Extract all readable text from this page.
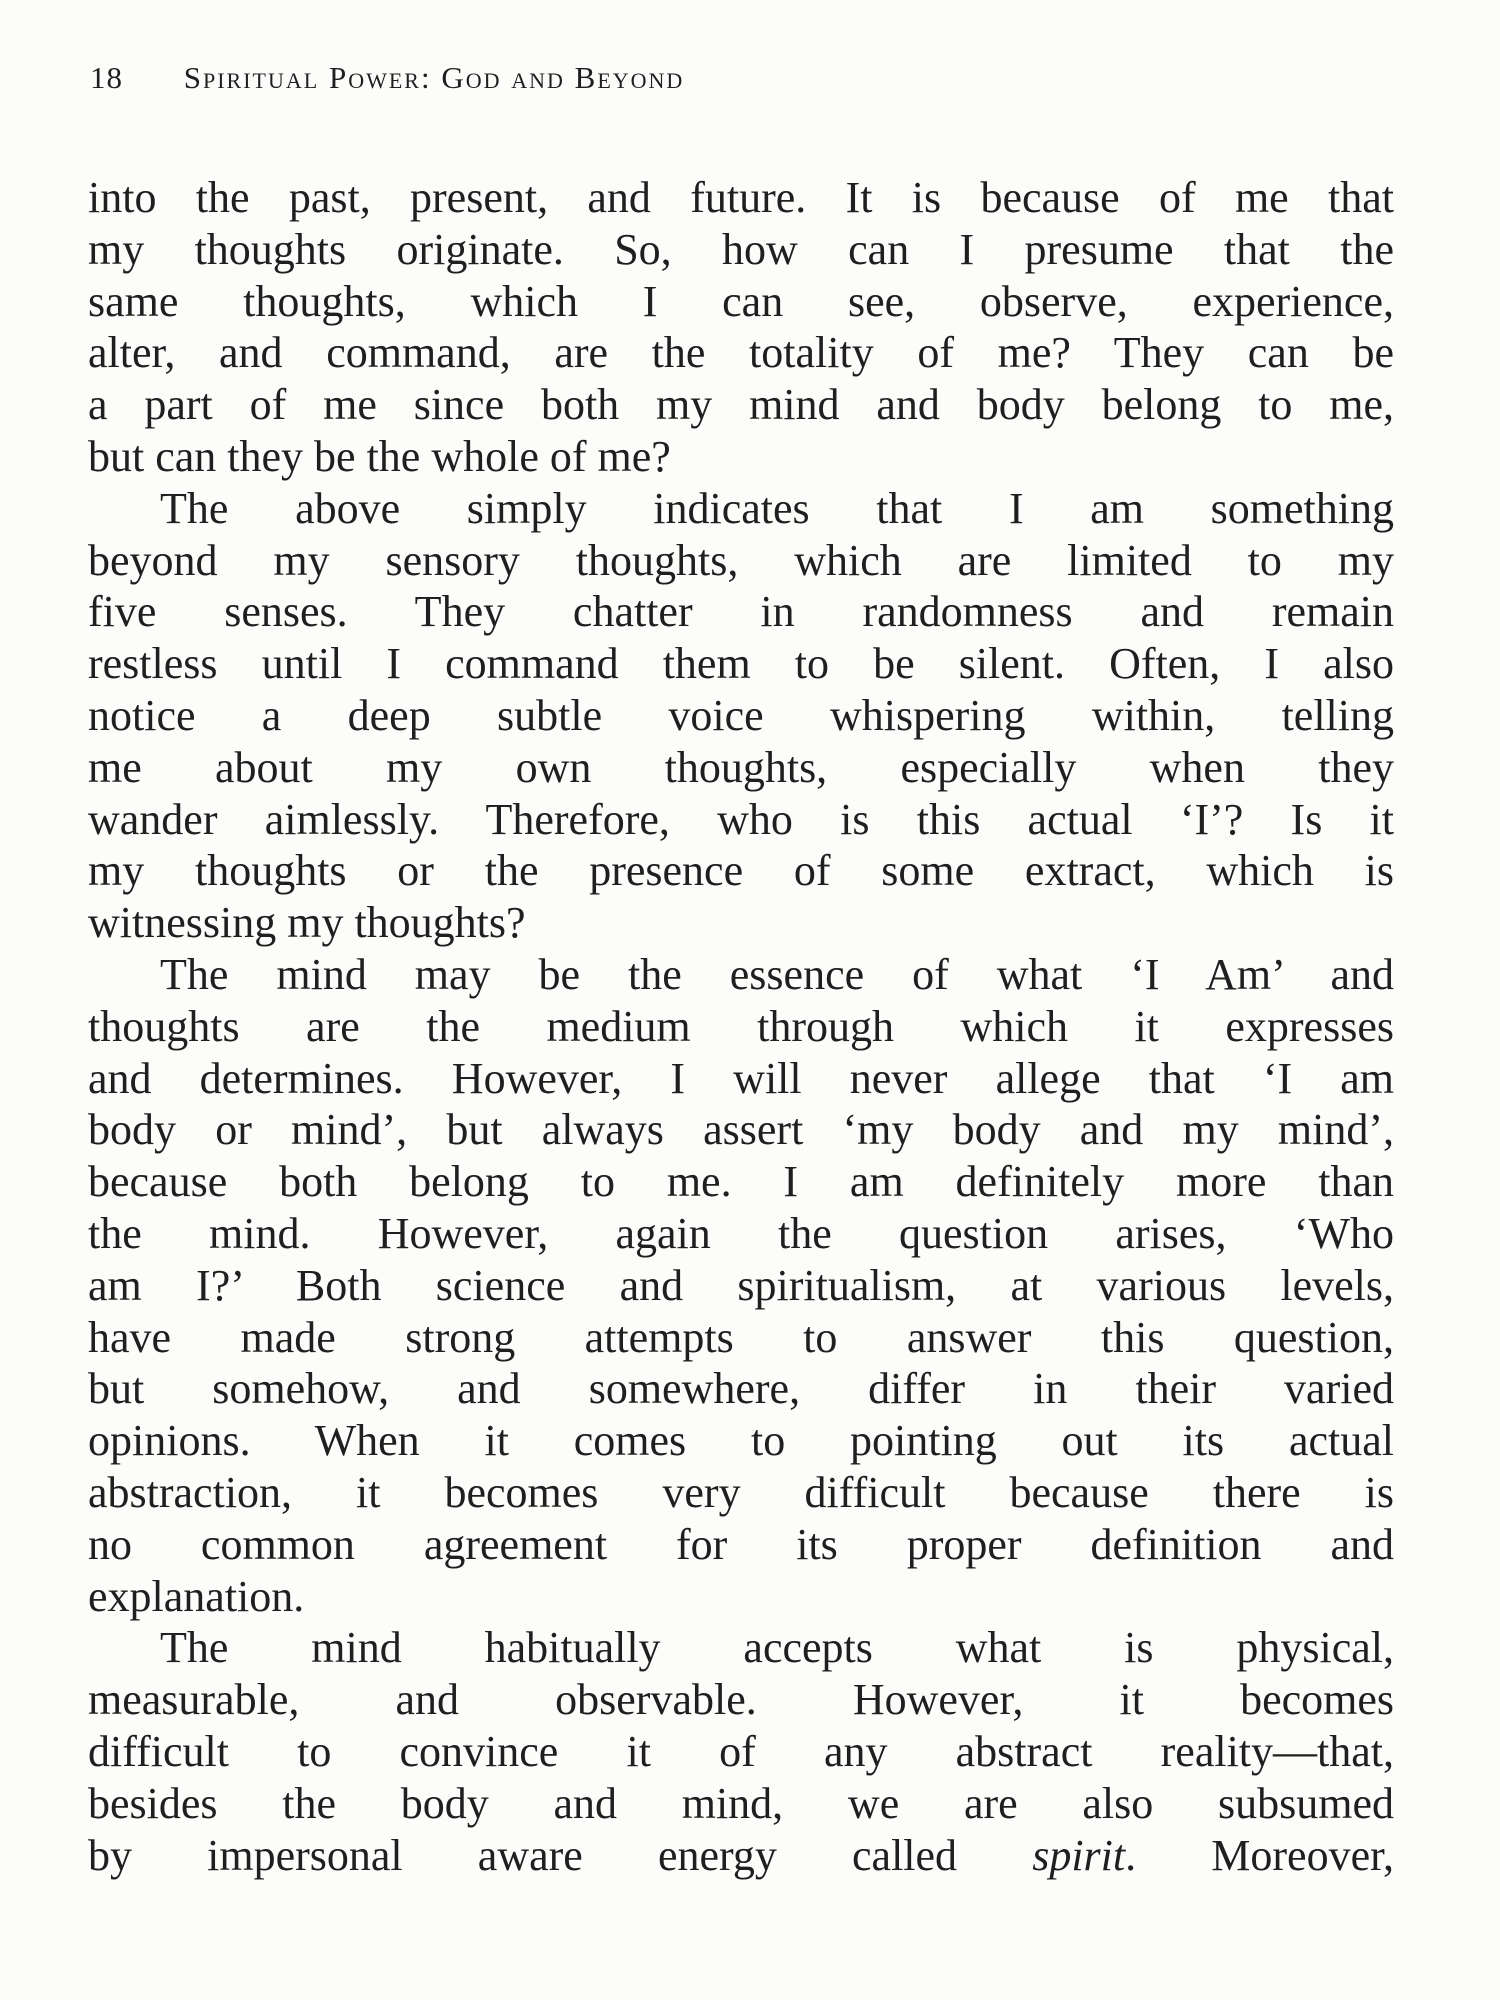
18 Spiritual Power: God and Beyond
into the past, present, and future. It is because of me that
my thoughts originate. So, how can I presume that the
same thoughts, which I can see, observe, experience,
alter, and command, are the totality of me? They can be
a part of me since both my mind and body belong to me,
but can they be the whole of me?
The above simply indicates that I am something
beyond my sensory thoughts, which are limited to my
five senses. They chatter in randomness and remain
restless until I command them to be silent. Often, I also
notice a deep subtle voice whispering within, telling
me about my own thoughts, especially when they
wander aimlessly. Therefore, who is this actual ‘I’? Is it
my thoughts or the presence of some extract, which is
witnessing my thoughts?
The mind may be the essence of what ‘I Am’ and
thoughts are the medium through which it expresses
and determines. However, I will never allege that ‘I am
body or mind’, but always assert ‘my body and my mind’,
because both belong to me. I am definitely more than
the mind. However, again the question arises, ‘Who
am I?’ Both science and spiritualism, at various levels,
have made strong attempts to answer this question,
but somehow, and somewhere, differ in their varied
opinions. When it comes to pointing out its actual
abstraction, it becomes very difficult because there is
no common agreement for its proper definition and
explanation.
The mind habitually accepts what is physical,
measurable, and observable. However, it becomes
difficult to convince it of any abstract reality—that,
besides the body and mind, we are also subsumed
by impersonal aware energy called spirit. Moreover,
